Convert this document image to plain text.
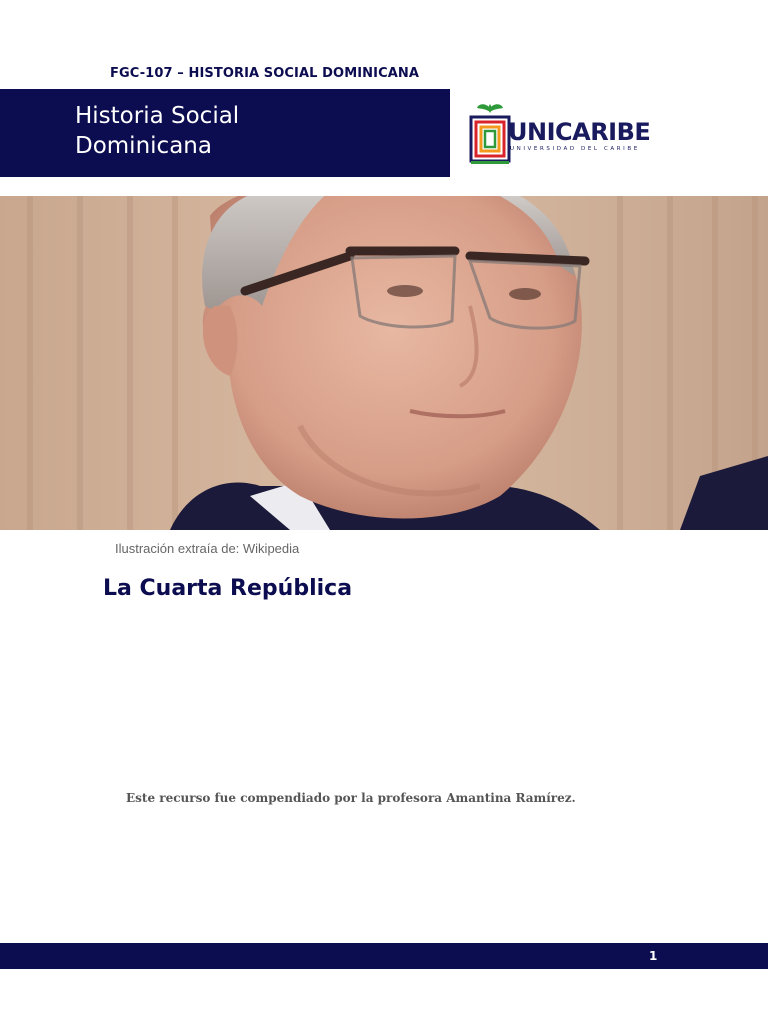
FGC-107 – HISTORIA SOCIAL DOMINICANA
Historia Social
Dominicana	UNICARIBE
UNIVERSIDAD DEL CARIBE
Ilustración extraía de: Wikipedia
La Cuarta República
Este recurso fue compendiado por la profesora Amantina Ramírez.
1
